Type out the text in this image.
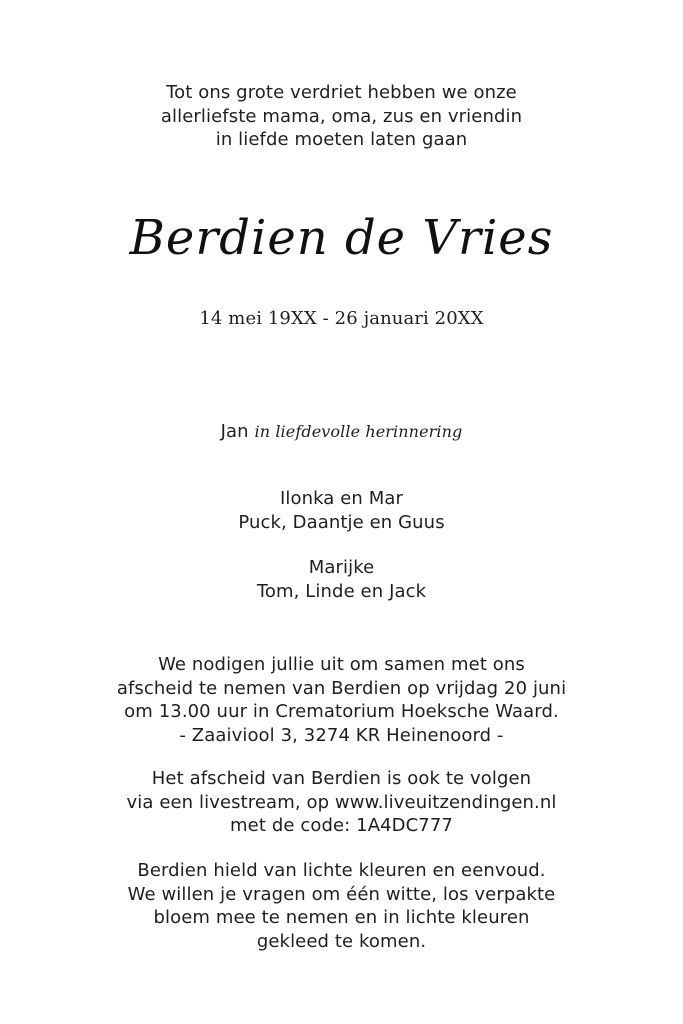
Tot ons grote verdriet hebben we onze
allerliefste mama, oma, zus en vriendin
in liefde moeten laten gaan
Berdien de Vries
14 mei 19XX - 26 januari 20XX
Jan in liefdevolle herinnering
Ilonka en Mar
Puck, Daantje en Guus
Marijke
Tom, Linde en Jack
We nodigen jullie uit om samen met ons
afscheid te nemen van Berdien op vrijdag 20 juni
om 13.00 uur in Crematorium Hoeksche Waard.
- Zaaiviool 3, 3274 KR Heinenoord -
Het afscheid van Berdien is ook te volgen
via een livestream, op www.liveuitzendingen.nl
met de code: 1A4DC777
Berdien hield van lichte kleuren en eenvoud.
We willen je vragen om één witte, los verpakte
bloem mee te nemen en in lichte kleuren
gekleed te komen.
